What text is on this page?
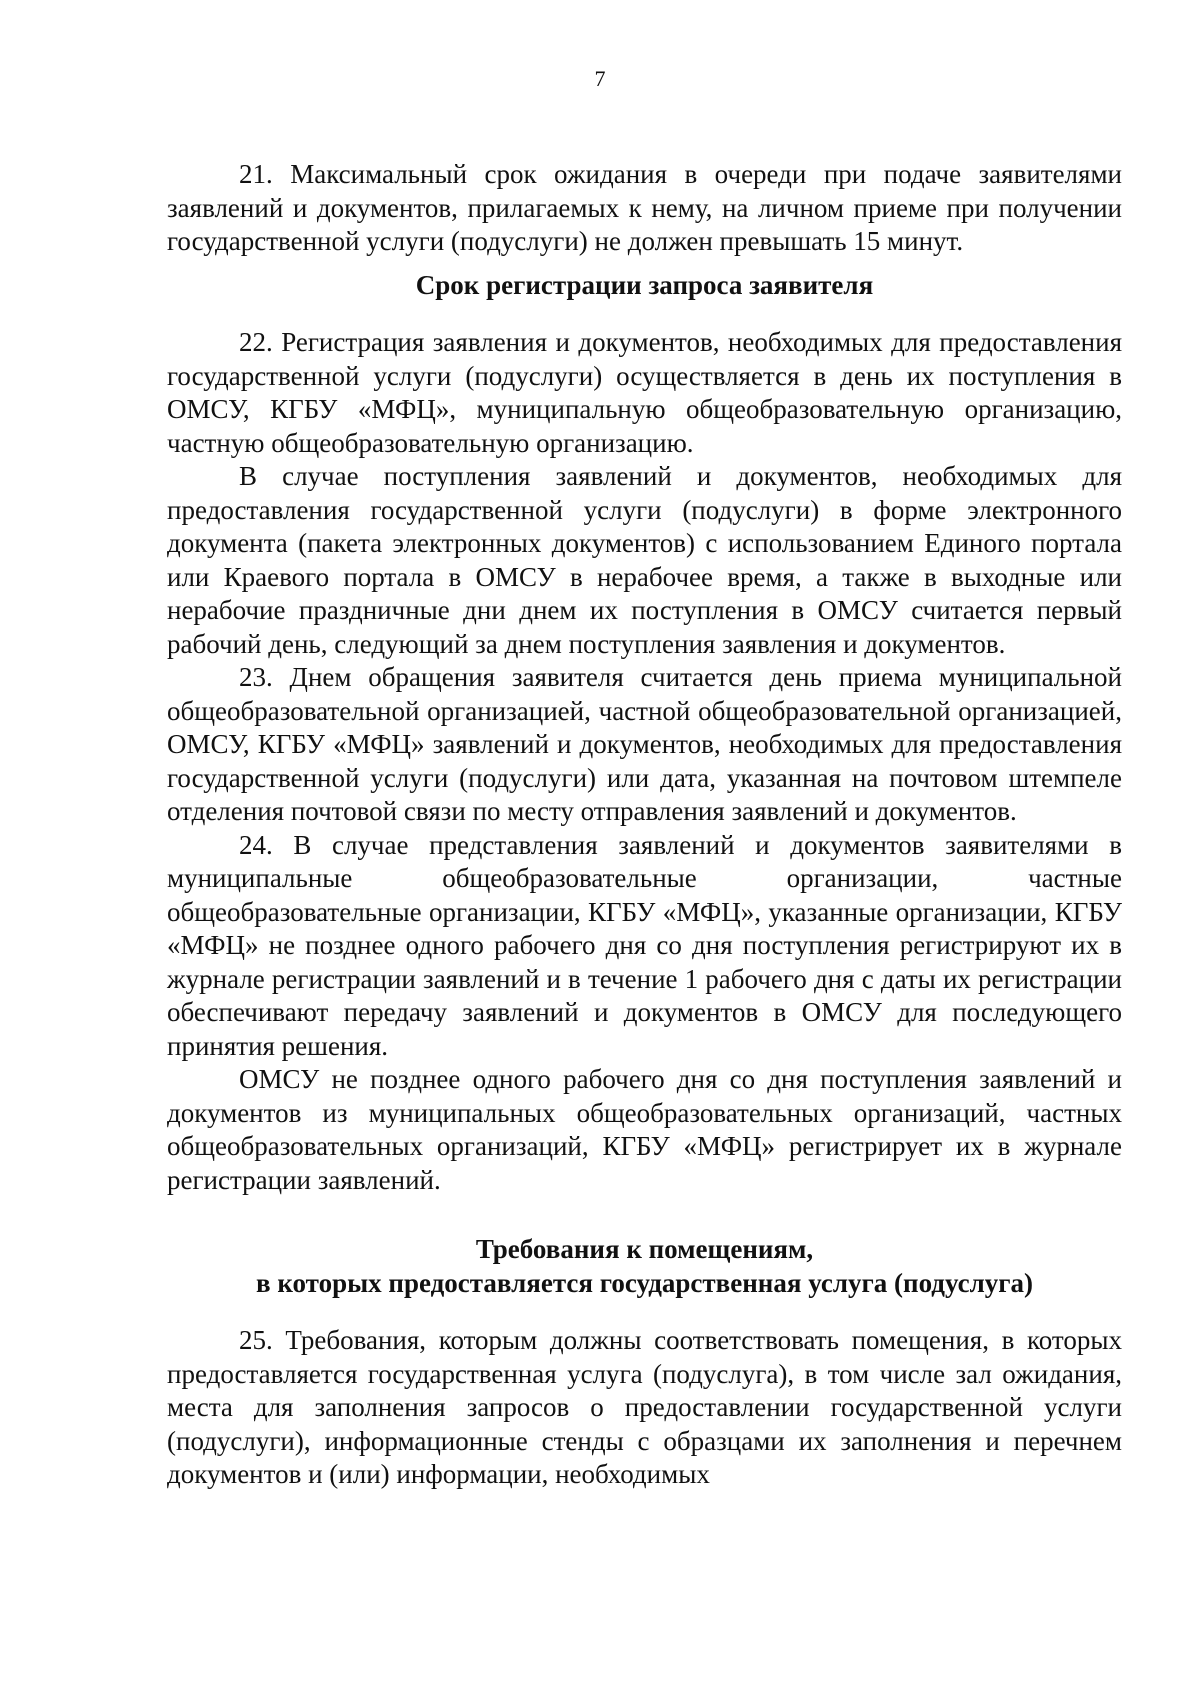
7

21. Максимальный срок ожидания в очереди при подаче заявителями заявлений и документов, прилагаемых к нему, на личном приеме при получении государственной услуги (подуслуги) не должен превышать 15 минут.

Срок регистрации запроса заявителя

22. Регистрация заявления и документов, необходимых для предоставления государственной услуги (подуслуги) осуществляется в день их поступления в ОМСУ, КГБУ «МФЦ», муниципальную общеобразовательную организацию, частную общеобразовательную организацию.

В случае поступления заявлений и документов, необходимых для предоставления государственной услуги (подуслуги) в форме электронного документа (пакета электронных документов) с использованием Единого портала или Краевого портала в ОМСУ в нерабочее время, а также в выходные или нерабочие праздничные дни днем их поступления в ОМСУ считается первый рабочий день, следующий за днем поступления заявления и документов.

23. Днем обращения заявителя считается день приема муниципальной общеобразовательной организацией, частной общеобразовательной организацией, ОМСУ, КГБУ «МФЦ» заявлений и документов, необходимых для предоставления государственной услуги (подуслуги) или дата, указанная на почтовом штемпеле отделения почтовой связи по месту отправления заявлений и документов.

24. В случае представления заявлений и документов заявителями в муниципальные общеобразовательные организации, частные общеобразовательные организации, КГБУ «МФЦ», указанные организации, КГБУ «МФЦ» не позднее одного рабочего дня со дня поступления регистрируют их в журнале регистрации заявлений и в течение 1 рабочего дня с даты их регистрации обеспечивают передачу заявлений и документов в ОМСУ для последующего принятия решения.

ОМСУ не позднее одного рабочего дня со дня поступления заявлений и документов из муниципальных общеобразовательных организаций, частных общеобразовательных организаций, КГБУ «МФЦ» регистрирует их в журнале регистрации заявлений.

Требования к помещениям,
в которых предоставляется государственная услуга (подуслуга)

25. Требования, которым должны соответствовать помещения, в которых предоставляется государственная услуга (подуслуга), в том числе зал ожидания, места для заполнения запросов о предоставлении государственной услуги (подуслуги), информационные стенды с образцами их заполнения и перечнем документов и (или) информации, необходимых
